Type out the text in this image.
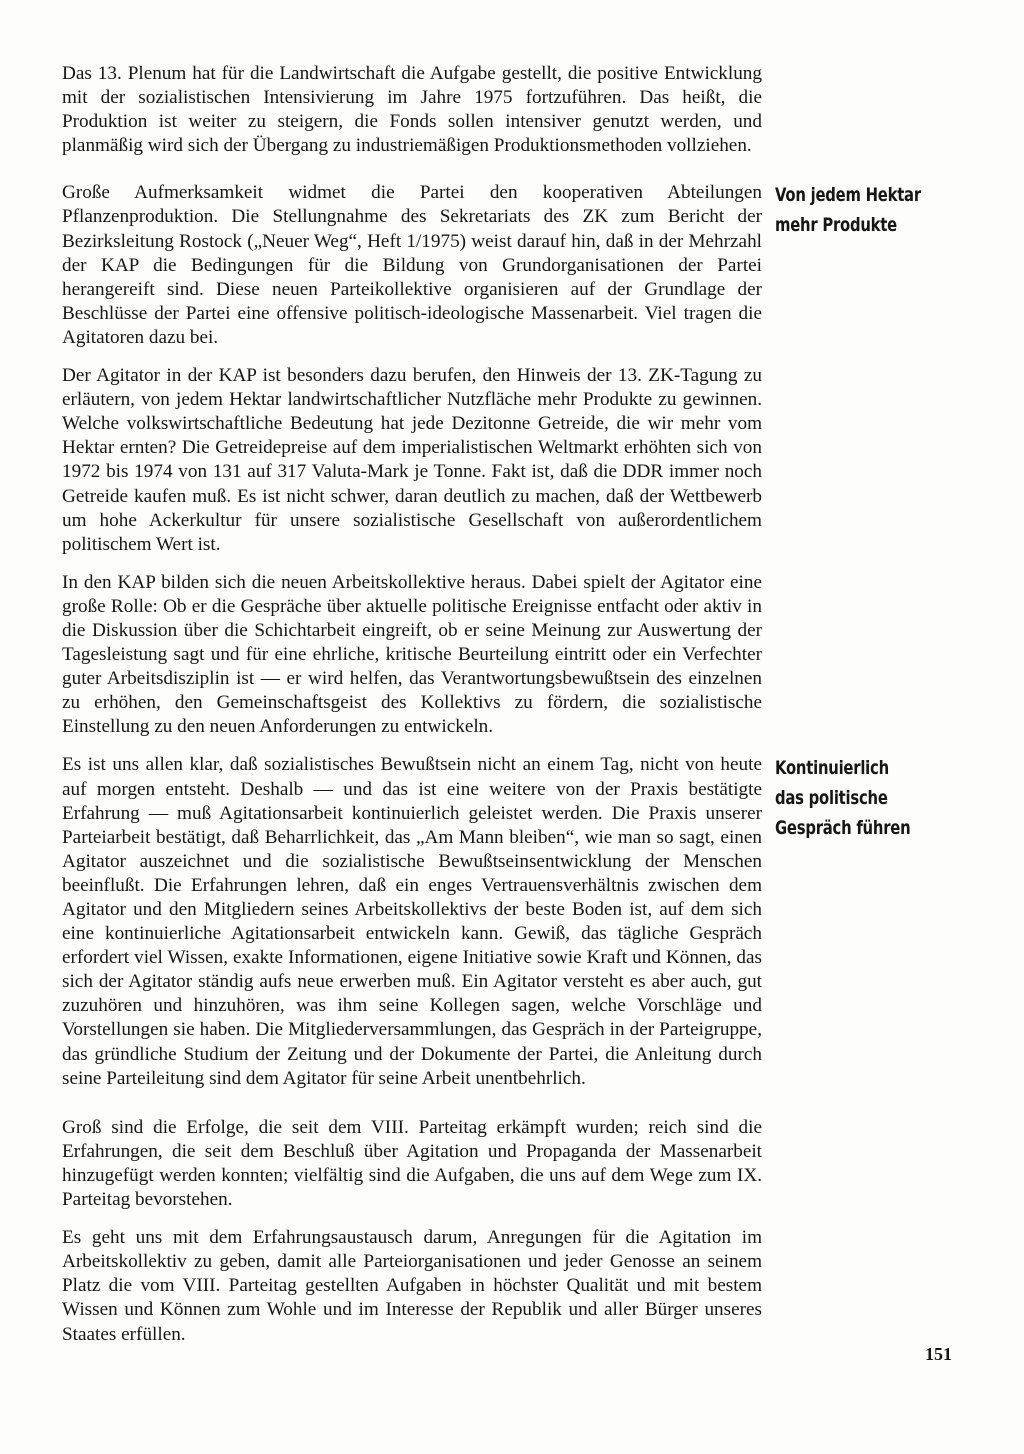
Das 13. Plenum hat für die Landwirtschaft die Aufgabe gestellt, die positive Entwicklung mit der sozialistischen Intensivierung im Jahre 1975 fortzuführen. Das heißt, die Produktion ist weiter zu steigern, die Fonds sollen intensiver genutzt werden, und planmäßig wird sich der Übergang zu industriemäßigen Produktionsmethoden vollziehen.

Große Aufmerksamkeit widmet die Partei den kooperativen Abteilungen Pflanzenproduktion. Die Stellungnahme des Sekretariats des ZK zum Bericht der Bezirksleitung Rostock („Neuer Weg“, Heft 1/1975) weist darauf hin, daß in der Mehrzahl der KAP die Bedingungen für die Bildung von Grundorganisationen der Partei herangereift sind. Diese neuen Parteikollektive organisieren auf der Grundlage der Beschlüsse der Partei eine offensive politisch-ideologische Massenarbeit. Viel tragen die Agitatoren dazu bei.

Der Agitator in der KAP ist besonders dazu berufen, den Hinweis der 13. ZK-Tagung zu erläutern, von jedem Hektar landwirtschaftlicher Nutzfläche mehr Produkte zu gewinnen. Welche volkswirtschaftliche Bedeutung hat jede Dezitonne Getreide, die wir mehr vom Hektar ernten? Die Getreidepreise auf dem imperialistischen Weltmarkt erhöhten sich von 1972 bis 1974 von 131 auf 317 Valuta-Mark je Tonne. Fakt ist, daß die DDR immer noch Getreide kaufen muß. Es ist nicht schwer, daran deutlich zu machen, daß der Wettbewerb um hohe Ackerkultur für unsere sozialistische Gesellschaft von außerordentlichem politischem Wert ist.

In den KAP bilden sich die neuen Arbeitskollektive heraus. Dabei spielt der Agitator eine große Rolle: Ob er die Gespräche über aktuelle politische Ereignisse entfacht oder aktiv in die Diskussion über die Schichtarbeit eingreift, ob er seine Meinung zur Auswertung der Tagesleistung sagt und für eine ehrliche, kritische Beurteilung eintritt oder ein Verfechter guter Arbeitsdisziplin ist — er wird helfen, das Verantwortungsbewußtsein des einzelnen zu erhöhen, den Gemeinschaftsgeist des Kollektivs zu fördern, die sozialistische Einstellung zu den neuen Anforderungen zu entwickeln.

Es ist uns allen klar, daß sozialistisches Bewußtsein nicht an einem Tag, nicht von heute auf morgen entsteht. Deshalb — und das ist eine weitere von der Praxis bestätigte Erfahrung — muß Agitationsarbeit kontinuierlich geleistet werden. Die Praxis unserer Parteiarbeit bestätigt, daß Beharrlichkeit, das „Am Mann bleiben“, wie man so sagt, einen Agitator auszeichnet und die sozialistische Bewußtseinsentwicklung der Menschen beeinflußt. Die Erfahrungen lehren, daß ein enges Vertrauensverhältnis zwischen dem Agitator und den Mitgliedern seines Arbeitskollektivs der beste Boden ist, auf dem sich eine kontinuierliche Agitationsarbeit entwickeln kann. Gewiß, das tägliche Gespräch erfordert viel Wissen, exakte Informationen, eigene Initiative sowie Kraft und Können, das sich der Agitator ständig aufs neue erwerben muß. Ein Agitator versteht es aber auch, gut zuzuhören und hinzuhören, was ihm seine Kollegen sagen, welche Vorschläge und Vorstellungen sie haben. Die Mitgliederversammlungen, das Gespräch in der Parteigruppe, das gründliche Studium der Zeitung und der Dokumente der Partei, die Anleitung durch seine Parteileitung sind dem Agitator für seine Arbeit unentbehrlich.

Groß sind die Erfolge, die seit dem VIII. Parteitag erkämpft wurden; reich sind die Erfahrungen, die seit dem Beschluß über Agitation und Propaganda der Massenarbeit hinzugefügt werden konnten; vielfältig sind die Aufgaben, die uns auf dem Wege zum IX. Parteitag bevorstehen.

Es geht uns mit dem Erfahrungsaustausch darum, Anregungen für die Agitation im Arbeitskollektiv zu geben, damit alle Parteiorganisationen und jeder Genosse an seinem Platz die vom VIII. Parteitag gestellten Aufgaben in höchster Qualität und mit bestem Wissen und Können zum Wohle und im Interesse der Republik und aller Bürger unseres Staates erfüllen.

Von jedem Hektar
mehr Produkte
Kontinuierlich
das politische
Gespräch führen
151
